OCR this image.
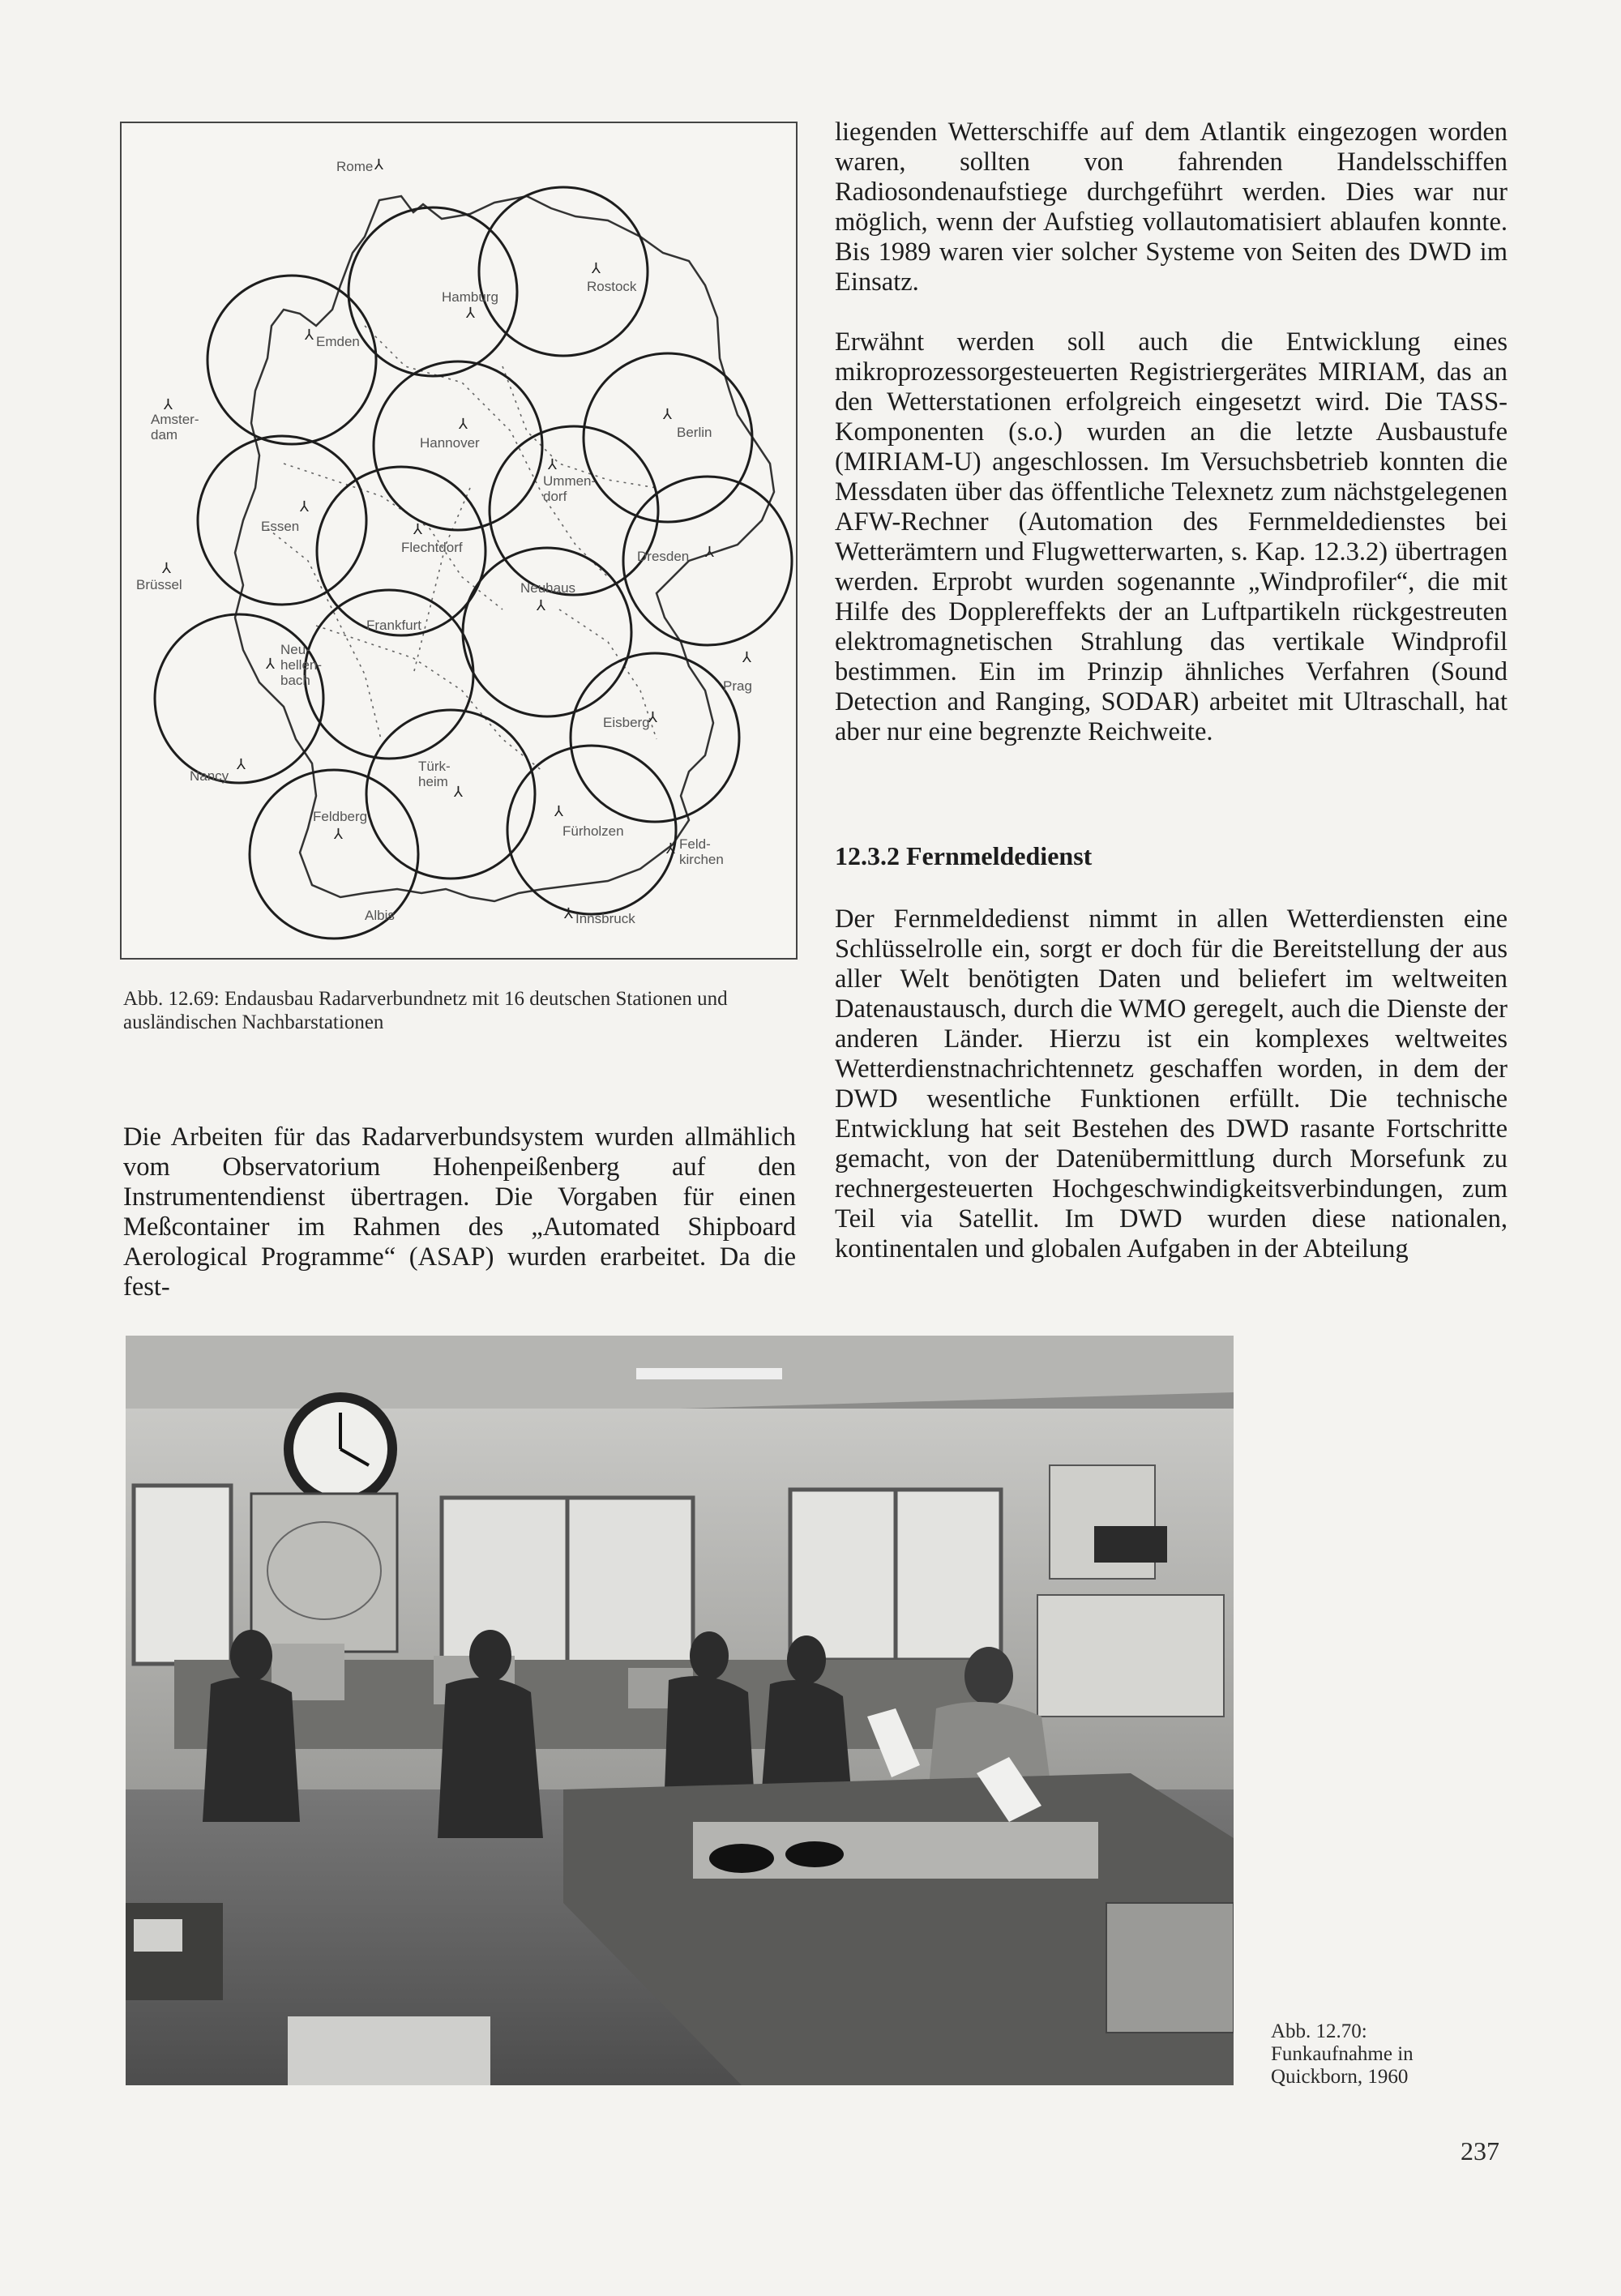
⅄
Rome
Hamburg
⅄
⅄
Rostock
⅄ Emden
⅄
Amster-
dam
⅄
Hannover
⅄
Berlin
⅄
Ummen-
dorf
⅄
Essen	⅄
Flechtdorf
Dresden ⅄
⅄
Brüssel	Neuhaus
⅄
Frankfurt
Neu-
hellen-
bach
⅄	⅄
Prag
Eisberg
⅄
Nancy
⅄	Türk-
heim
⅄
Feldberg
⅄
⅄
Fürholzen
⅄ Feld-
kirchen
Albis	⅄ Innsbruck
Abb. 12.69: Endausbau Radarverbundnetz mit 16 deutschen Stationen und ausländischen Nachbarstationen

Die Arbeiten für das Radarverbundsystem wurden allmählich vom Observatorium Hohenpeißenberg auf den Instrumentendienst übertragen. Die Vorgaben für einen Meßcontainer im Rahmen des „Automated Shipboard Aerological Programme“ (ASAP) wurden erarbeitet. Da die fest-

liegenden Wetterschiffe auf dem Atlantik eingezogen worden waren, sollten von fahrenden Handelsschiffen Radiosondenaufstiege durchgeführt werden. Dies war nur möglich, wenn der Aufstieg vollautomatisiert ablaufen konnte. Bis 1989 waren vier solcher Systeme von Seiten des DWD im Einsatz.

Erwähnt werden soll auch die Entwicklung eines mikroprozessorgesteuerten Registriergerätes MIRIAM, das an den Wetterstationen erfolgreich eingesetzt wird. Die TASS-Komponenten (s.o.) wurden an die letzte Ausbaustufe (MIRIAM-U) angeschlossen. Im Versuchsbetrieb konnten die Messdaten über das öffentliche Telexnetz zum nächstgelegenen AFW-Rechner (Automation des Fernmeldedienstes bei Wetterämtern und Flugwetterwarten, s. Kap. 12.3.2) übertragen werden. Erprobt wurden sogenannte „Windprofiler“, die mit Hilfe des Dopplereffekts der an Luftpartikeln rückgestreuten elektromagnetischen Strahlung das vertikale Windprofil bestimmen. Ein im Prinzip ähnliches Verfahren (Sound Detection and Ranging, SODAR) arbeitet mit Ultraschall, hat aber nur eine begrenzte Reichweite.

12.3.2 Fernmeldedienst

Der Fernmeldedienst nimmt in allen Wetterdiensten eine Schlüsselrolle ein, sorgt er doch für die Bereitstellung der aus aller Welt benötigten Daten und beliefert im weltweiten Datenaustausch, durch die WMO geregelt, auch die Dienste der anderen Länder. Hierzu ist ein komplexes weltweites Wetterdienstnachrichtennetz geschaffen worden, in dem der DWD wesentliche Funktionen erfüllt. Die technische Entwicklung hat seit Bestehen des DWD rasante Fortschritte gemacht, von der Datenübermittlung durch Morsefunk zu rechnergesteuerten Hochgeschwindigkeitsverbindungen, zum Teil via Satellit. Im DWD wurden diese nationalen, kontinentalen und globalen Aufgaben in der Abteilung

Abb. 12.70: Funkaufnahme in Quickborn, 1960
237
